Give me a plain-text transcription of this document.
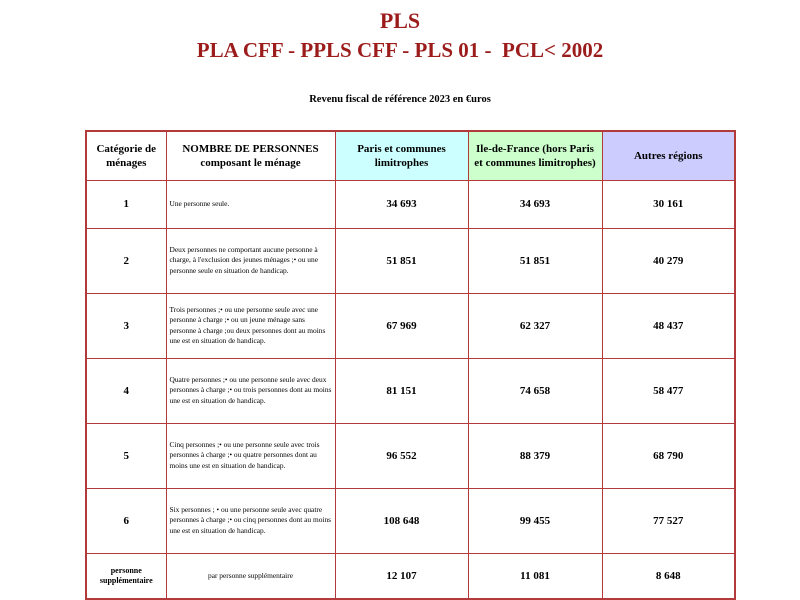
PLS
PLA CFF - PPLS CFF - PLS 01 -  PCL< 2002
Revenu fiscal de référence 2023 en €uros
Catégorie de ménages	NOMBRE DE PERSONNES composant le ménage	Paris et communes limitrophes	Ile-de-France (hors Paris et communes limitrophes)	Autres régions
1	Une personne seule.	34 693	34 693	30 161
2	Deux personnes ne comportant aucune personne à charge, à l'exclusion des jeunes ménages ;• ou une personne seule en situation de handicap.	51 851	51 851	40 279
3	Trois personnes ;• ou une personne seule avec une personne à charge ;• ou un jeune ménage sans personne à charge ;ou deux personnes dont au moins une est en situation de handicap.	67 969	62 327	48 437
4	Quatre personnes ;• ou une personne seule avec deux personnes à charge ;• ou trois personnes dont au moins une est en situation de handicap.	81 151	74 658	58 477
5	Cinq personnes ;• ou une personne seule avec trois personnes à charge ;• ou quatre personnes dont au moins une est en situation de handicap.	96 552	88 379	68 790
6	Six personnes ; • ou une personne seule avec quatre personnes à charge ;• ou cinq personnes dont au moins une est en situation de handicap.	108 648	99 455	77 527
personne supplémentaire	par personne supplémentaire	12 107	11 081	8 648
